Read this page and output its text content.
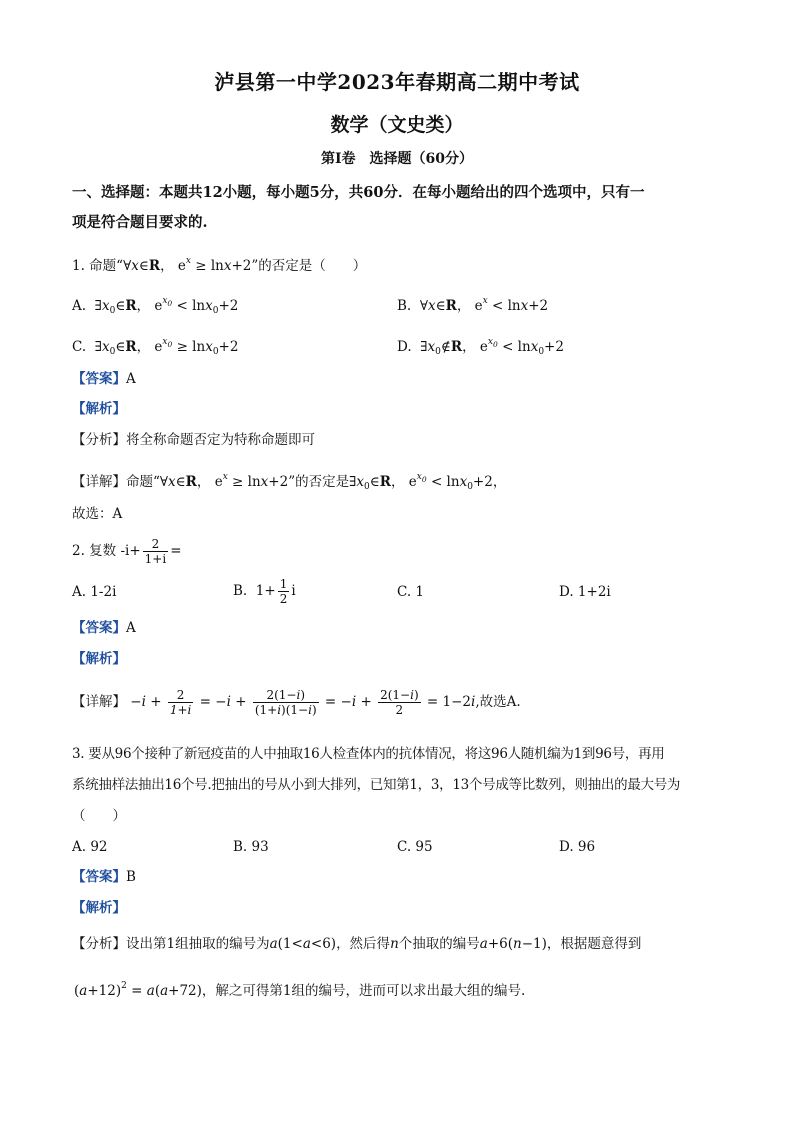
泸县第一中学2023年春期高二期中考试
数学（文史类）
第I卷　选择题（60分）
一、选择题：本题共12小题，每小题5分，共60分．在每小题给出的四个选项中，只有一
项是符合题目要求的.
1. 命题“∀x∈R， $e^x \ge \ln x+2$”的否定是（　　）
A. $\exists x_0\in R$， $e^{x_0} < \ln x_0+2$	B. ∀x∈R， $e^x < \ln x+2$
C. $\exists x_0\in R$， $e^{x_0} \ge \ln x_0+2$	D. $\exists x_0\notin R$， $e^{x_0} < \ln x_0+2$
【答案】A
【解析】
【分析】将全称命题否定为特称命题即可
【详解】命题“∀x∈R， $e^x \ge \ln x+2$”的否定是$\exists x_0\in R$， $e^{x_0} < \ln x_0+2$，
故选：A
2. 复数 $-i+ \frac{2}{1+i}$ =
A. 1-2i	B.  $1+ \frac{1}{2}$ i	C. 1	D. 1+2i
【答案】A
【解析】
【详解】 $-i + \frac{2}{1+i} = -i + \frac{2(1-i)}{(1+i)(1-i)} = -i + \frac{2(1-i)}{2} = 1-2i$,故选A.
3. 要从96个接种了新冠疫苗的人中抽取16人检查体内的抗体情况，将这96人随机编为1到96号，再用
系统抽样法抽出16个号.把抽出的号从小到大排列，已知第1，3，13个号成等比数列，则抽出的最大号为
（　　）
A. 92	B. 93	C. 95	D. 96
【答案】B
【解析】
【分析】设出第1组抽取的编号为a(1<a<6)，然后得n个抽取的编号a+6(n−1)，根据题意得到
$(a+12)^2 = a(a+72)$，解之可得第1组的编号，进而可以求出最大组的编号.
